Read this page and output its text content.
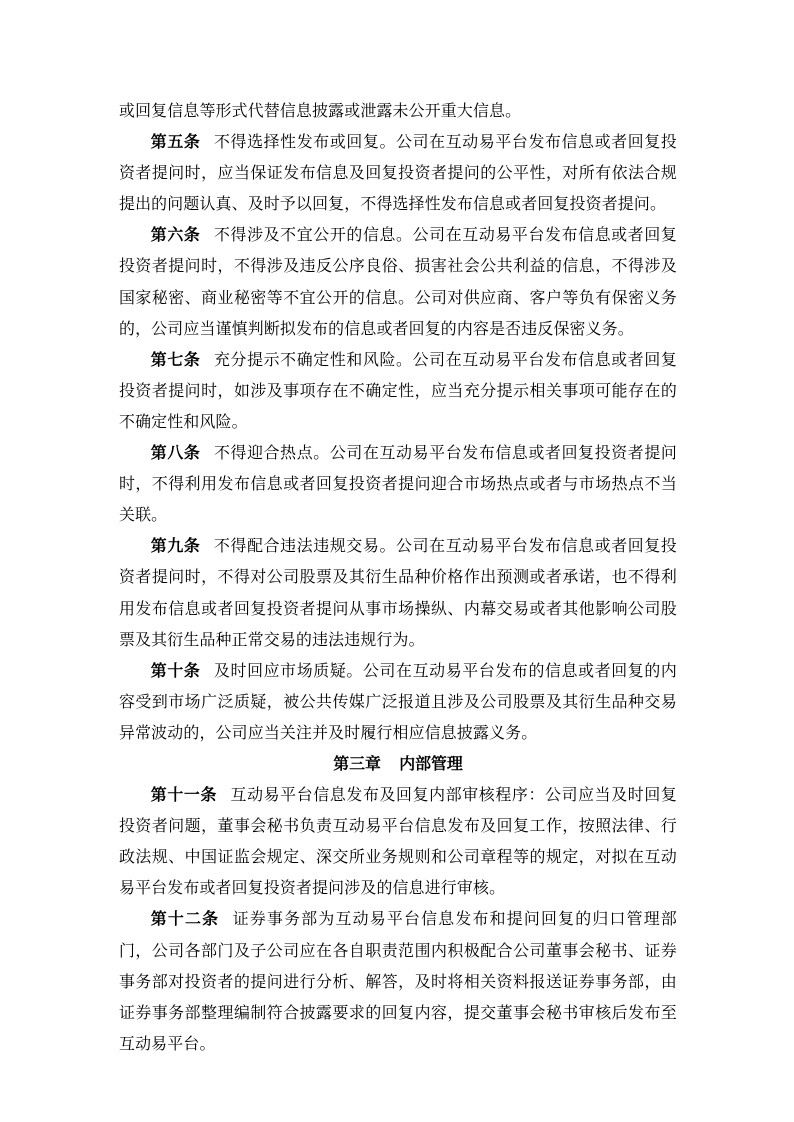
或回复信息等形式代替信息披露或泄露未公开重大信息。

第五条 不得选择性发布或回复。公司在互动易平台发布信息或者回复投资者提问时，应当保证发布信息及回复投资者提问的公平性，对所有依法合规提出的问题认真、及时予以回复，不得选择性发布信息或者回复投资者提问。

第六条 不得涉及不宜公开的信息。公司在互动易平台发布信息或者回复投资者提问时，不得涉及违反公序良俗、损害社会公共利益的信息，不得涉及国家秘密、商业秘密等不宜公开的信息。公司对供应商、客户等负有保密义务的，公司应当谨慎判断拟发布的信息或者回复的内容是否违反保密义务。

第七条 充分提示不确定性和风险。公司在互动易平台发布信息或者回复投资者提问时，如涉及事项存在不确定性，应当充分提示相关事项可能存在的不确定性和风险。

第八条 不得迎合热点。公司在互动易平台发布信息或者回复投资者提问时，不得利用发布信息或者回复投资者提问迎合市场热点或者与市场热点不当关联。

第九条 不得配合违法违规交易。公司在互动易平台发布信息或者回复投资者提问时，不得对公司股票及其衍生品种价格作出预测或者承诺，也不得利用发布信息或者回复投资者提问从事市场操纵、内幕交易或者其他影响公司股票及其衍生品种正常交易的违法违规行为。

第十条 及时回应市场质疑。公司在互动易平台发布的信息或者回复的内容受到市场广泛质疑，被公共传媒广泛报道且涉及公司股票及其衍生品种交易异常波动的，公司应当关注并及时履行相应信息披露义务。

第三章 内部管理

第十一条 互动易平台信息发布及回复内部审核程序：公司应当及时回复投资者问题，董事会秘书负责互动易平台信息发布及回复工作，按照法律、行政法规、中国证监会规定、深交所业务规则和公司章程等的规定，对拟在互动易平台发布或者回复投资者提问涉及的信息进行审核。

第十二条 证券事务部为互动易平台信息发布和提问回复的归口管理部门，公司各部门及子公司应在各自职责范围内积极配合公司董事会秘书、证券事务部对投资者的提问进行分析、解答，及时将相关资料报送证券事务部，由证券事务部整理编制符合披露要求的回复内容，提交董事会秘书审核后发布至互动易平台。
